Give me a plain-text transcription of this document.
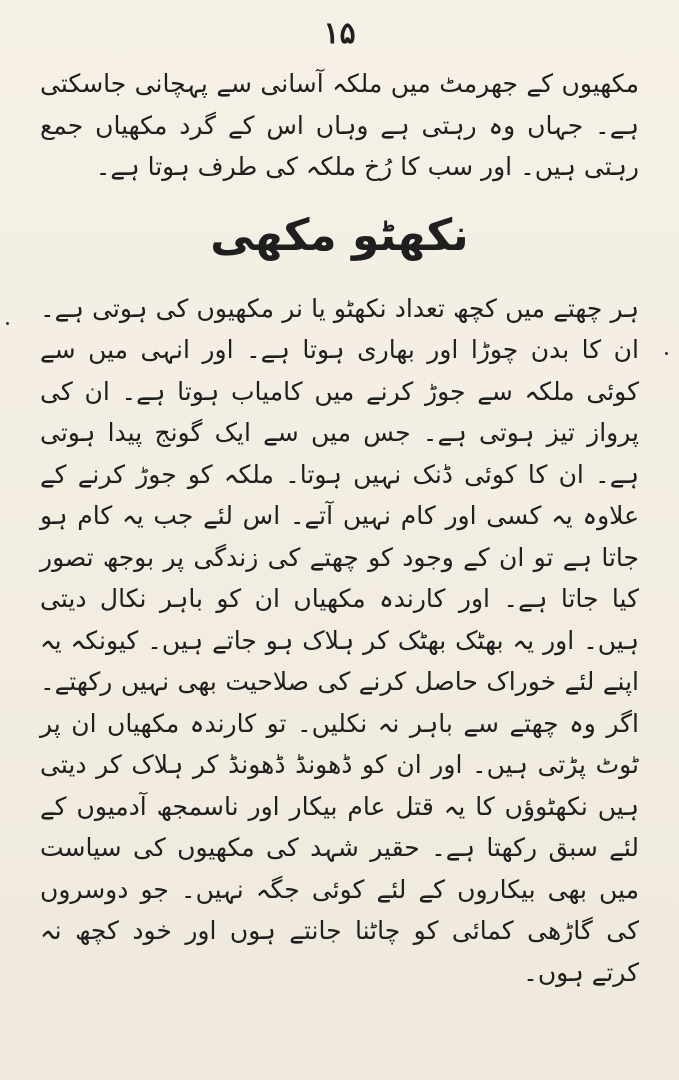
۱۵

مکھیوں کے جھرمٹ میں ملکہ آسانی سے پہچانی جاسکتی ہے۔ جہاں وہ رہتی ہے وہاں اس کے گرد مکھیاں جمع رہتی ہیں۔ اور سب کا رُخ ملکہ کی طرف ہوتا ہے۔

نکھٹو مکھی

ہر چھتے میں کچھ تعداد نکھٹو یا نر مکھیوں کی ہوتی ہے۔ ان کا بدن چوڑا اور بھاری ہوتا ہے۔ اور انہی میں سے کوئی ملکہ سے جوڑ کرنے میں کامیاب ہوتا ہے۔ ان کی پرواز تیز ہوتی ہے۔ جس میں سے ایک گونج پیدا ہوتی ہے۔ ان کا کوئی ڈنک نہیں ہوتا۔ ملکہ کو جوڑ کرنے کے علاوہ یہ کسی اور کام نہیں آتے۔ اس لئے جب یہ کام ہو جاتا ہے تو ان کے وجود کو چھتے کی زندگی پر بوجھ تصور کیا جاتا ہے۔ اور کارندہ مکھیاں ان کو باہر نکال دیتی ہیں۔ اور یہ بھٹک بھٹک کر ہلاک ہو جاتے ہیں۔ کیونکہ یہ اپنے لئے خوراک حاصل کرنے کی صلاحیت بھی نہیں رکھتے۔ اگر وہ چھتے سے باہر نہ نکلیں۔ تو کارندہ مکھیاں ان پر ٹوٹ پڑتی ہیں۔ اور ان کو ڈھونڈ ڈھونڈ کر ہلاک کر دیتی ہیں نکھٹوؤں کا یہ قتل عام بیکار اور ناسمجھ آدمیوں کے لئے سبق رکھتا ہے۔ حقیر شہد کی مکھیوں کی سیاست میں بھی بیکاروں کے لئے کوئی جگہ نہیں۔ جو دوسروں کی گاڑھی کمائی کو چاٹنا جانتے ہوں اور خود کچھ نہ کرتے ہوں۔
